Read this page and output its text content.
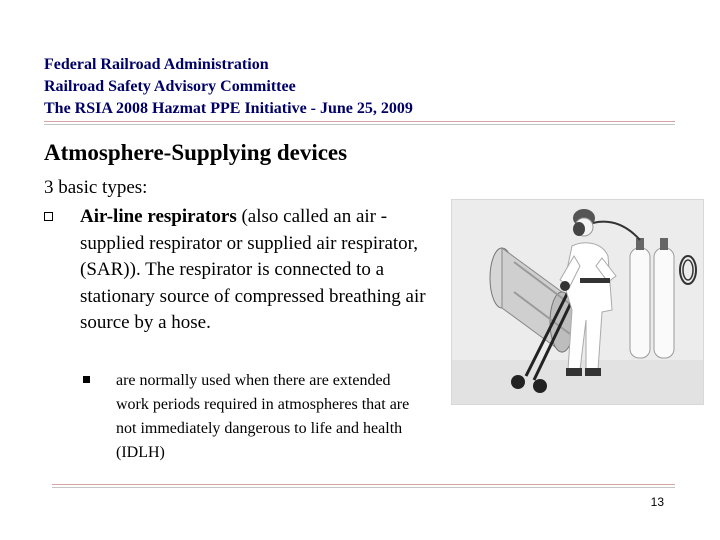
Federal Railroad Administration
Railroad Safety Advisory Committee
The RSIA 2008 Hazmat PPE Initiative - June 25, 2009
Atmosphere-Supplying devices
3 basic types:
Air-line respirators (also called an air -supplied respirator or supplied air respirator, (SAR)). The respirator is connected to a stationary source of compressed breathing air source by a hose.
are normally used when there are extended work periods required in atmospheres that are not immediately dangerous to life and health (IDLH)
13
